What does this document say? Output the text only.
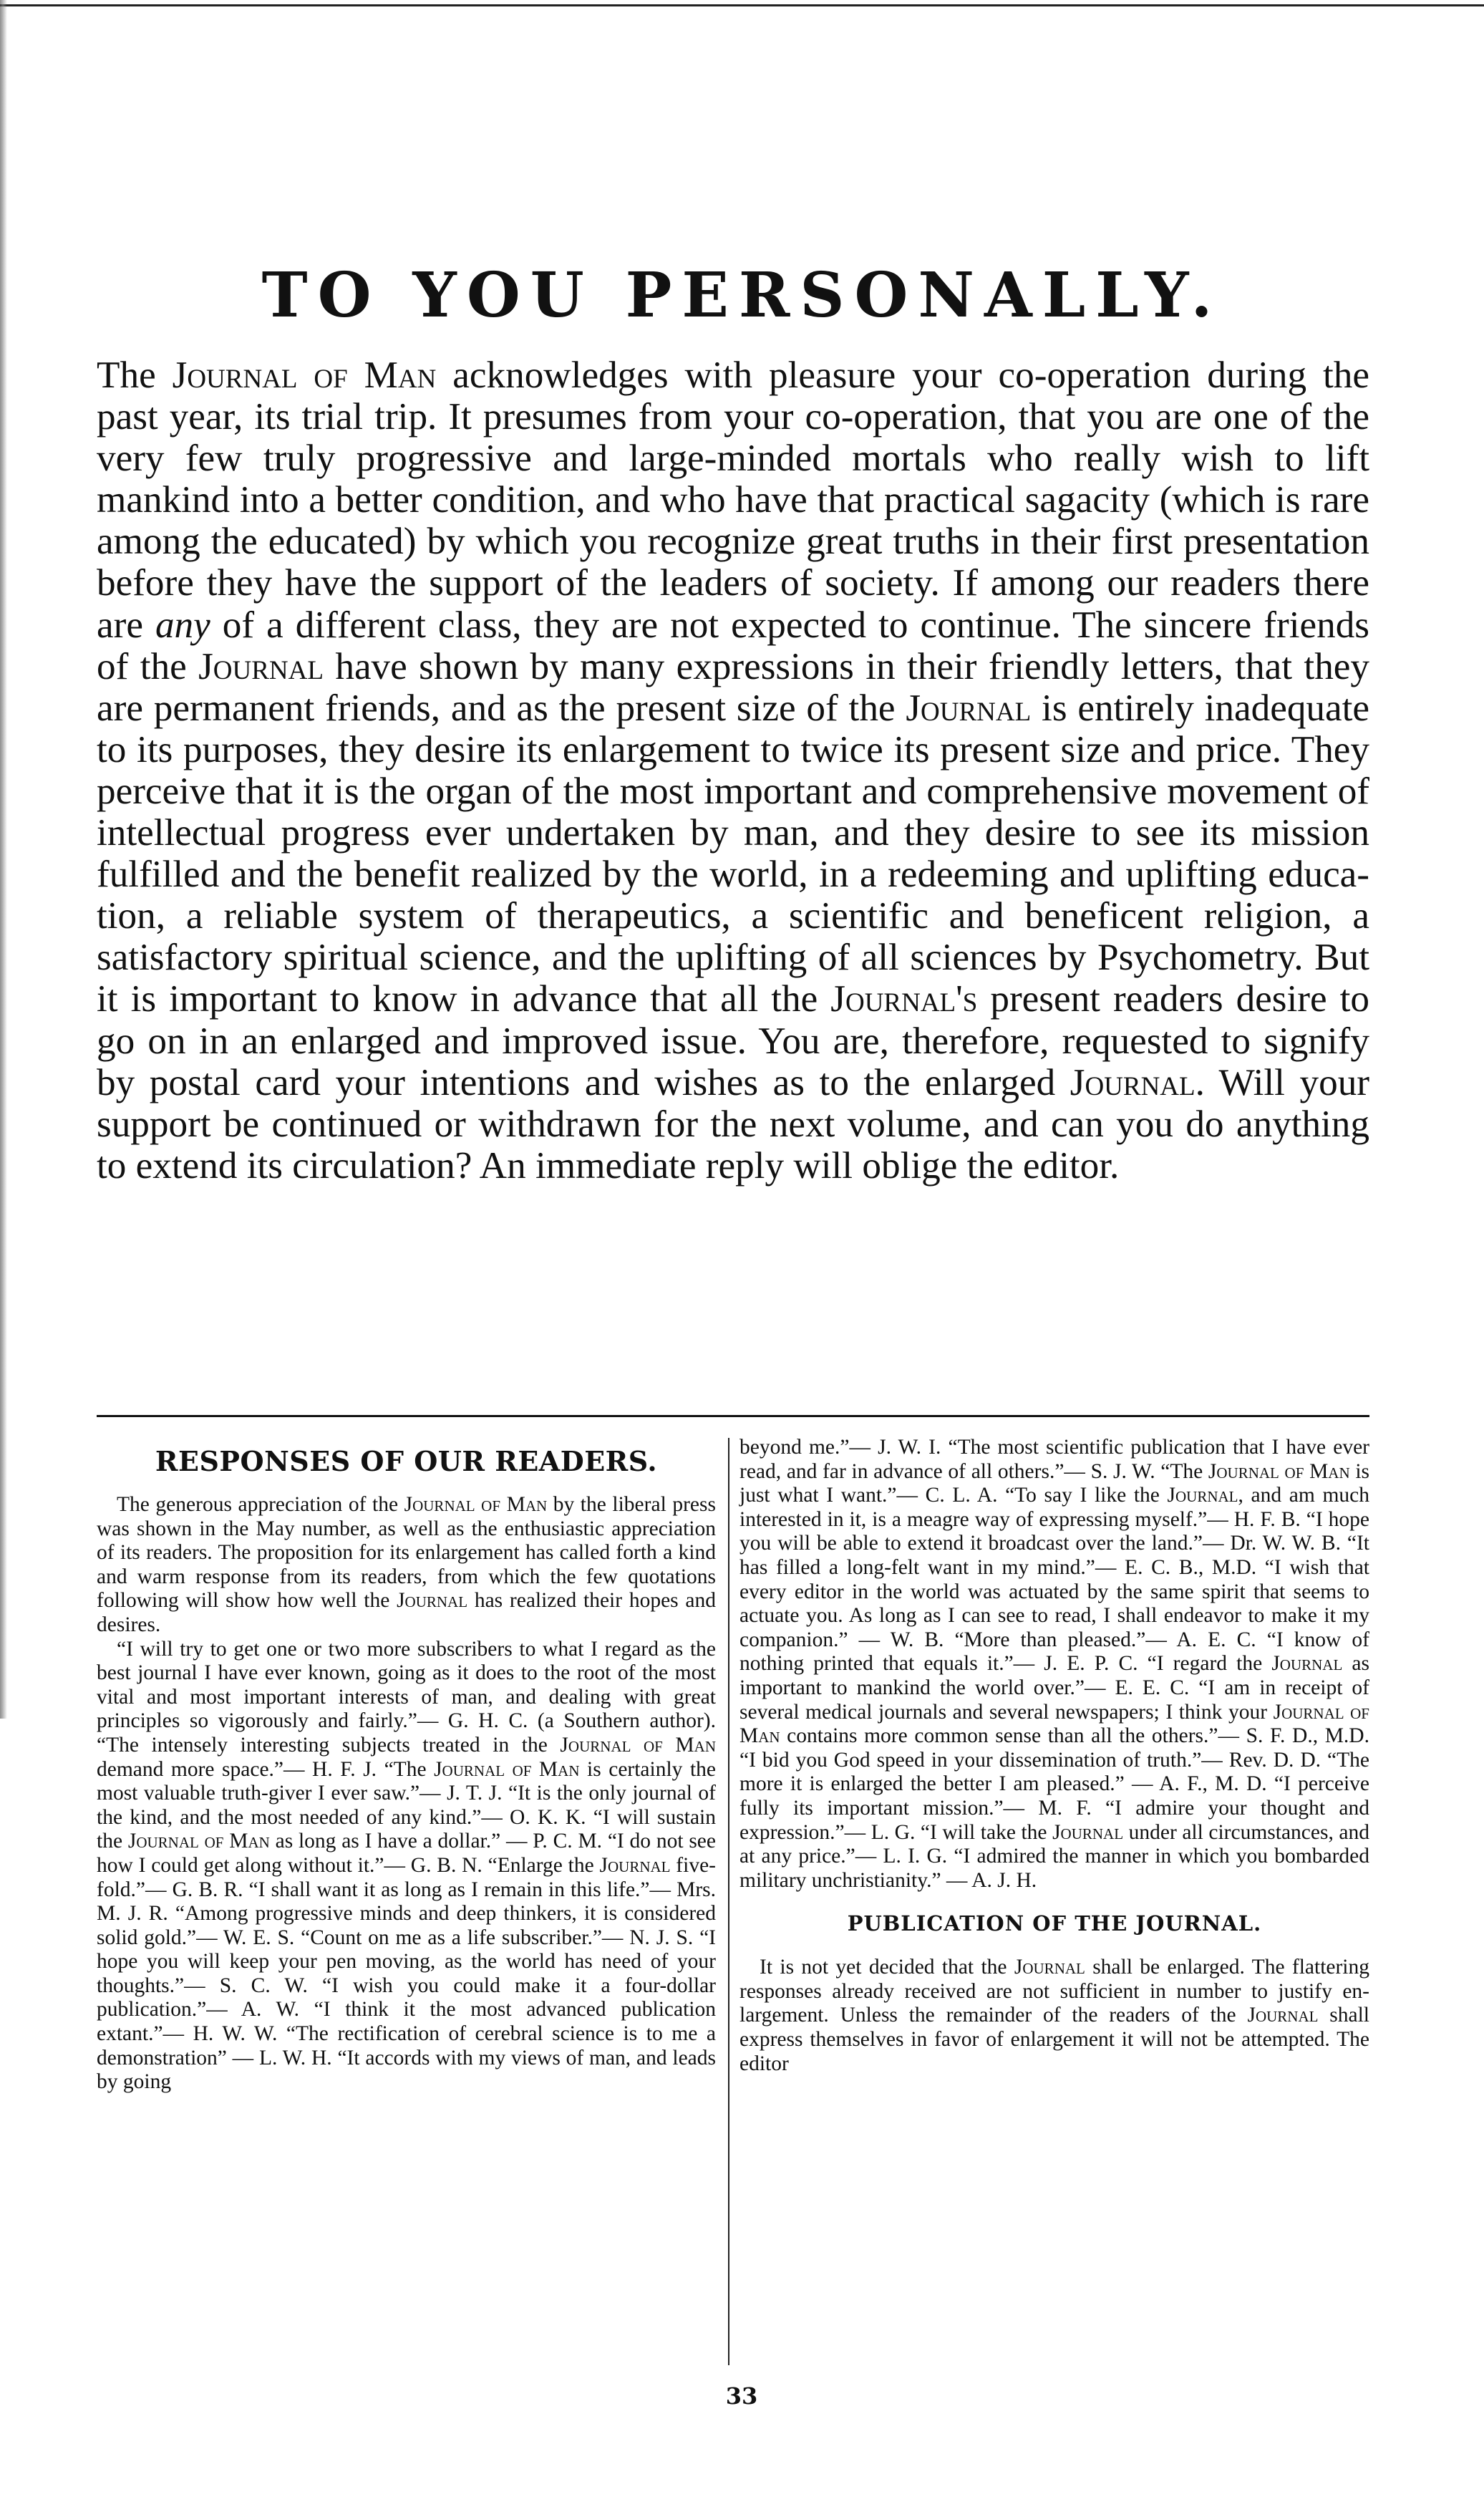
TO YOU PERSONALLY.

The Journal of Man acknowledges with pleasure your co-operation during the past year, its trial trip. It presumes from your co-operation, that you are one of the very few truly progressive and large-minded mortals who really wish to lift mankind into a better condition, and who have that practical sagacity (which is rare among the educated) by which you recognize great truths in their first presentation before they have the support of the leaders of society. If among our readers there are any of a different class, they are not expected to continue. The sincere friends of the Journal have shown by many expressions in their friendly letters, that they are permanent friends, and as the present size of the Journal is entirely inadequate to its purposes, they desire its enlargement to twice its present size and price. They perceive that it is the organ of the most important and comprehensive movement of intellectual progress ever undertaken by man, and they desire to see its mission fulfilled and the benefit realized by the world, in a redeeming and uplifting education, a reliable system of therapeutics, a scientific and beneficent religion, a satisfactory spiritual science, and the uplifting of all sciences by Psychometry. But it is important to know in advance that all the Journal's present readers desire to go on in an enlarged and improved issue. You are, therefore, requested to signify by postal card your intentions and wishes as to the enlarged Journal. Will your support be continued or withdrawn for the next volume, and can you do anything to extend its circulation? An immediate reply will oblige the editor.

RESPONSES OF OUR READERS.

The generous appreciation of the Journal of Man by the liberal press was shown in the May number, as well as the enthusiastic appreciation of its readers. The proposition for its enlargement has called forth a kind and warm response from its readers, from which the few quotations following will show how well the Journal has realized their hopes and desires.

“I will try to get one or two more subscribers to what I regard as the best journal I have ever known, going as it does to the root of the most vital and most important interests of man, and dealing with great principles so vigorously and fairly.”— G. H. C. (a Southern author). “The intensely interesting subjects treated in the Journal of Man demand more space.”— H. F. J. “The Journal of Man is certainly the most valuable truth-giver I ever saw.”— J. T. J. “It is the only journal of the kind, and the most needed of any kind.”— O. K. K. “I will sustain the Journal of Man as long as I have a dollar.” — P. C. M. “I do not see how I could get along without it.”— G. B. N. “Enlarge the Journal five-fold.”— G. B. R. “I shall want it as long as I remain in this life.”— Mrs. M. J. R. “Among progressive minds and deep thinkers, it is considered solid gold.”— W. E. S. “Count on me as a life subscriber.”— N. J. S. “I hope you will keep your pen moving, as the world has need of your thoughts.”— S. C. W. “I wish you could make it a four-dollar publication.”— A. W. “I think it the most advanced publication extant.”— H. W. W. “The rectification of cerebral science is to me a demonstration” — L. W. H. “It accords with my views of man, and leads by going

beyond me.”— J. W. I. “The most scientific publication that I have ever read, and far in advance of all others.”— S. J. W. “The Journal of Man is just what I want.”— C. L. A. “To say I like the Journal, and am much interested in it, is a meagre way of expressing myself.”— H. F. B. “I hope you will be able to extend it broadcast over the land.”— Dr. W. W. B. “It has filled a long-felt want in my mind.”— E. C. B., M.D. “I wish that every editor in the world was actuated by the same spirit that seems to actuate you. As long as I can see to read, I shall endeavor to make it my companion.” — W. B. “More than pleased.”— A. E. C. “I know of nothing printed that equals it.”— J. E. P. C. “I regard the Journal as important to mankind the world over.”— E. E. C. “I am in receipt of several medical journals and several newspapers; I think your Journal of Man contains more common sense than all the others.”— S. F. D., M.D. “I bid you God speed in your dissemination of truth.”— Rev. D. D. “The more it is enlarged the better I am pleased.” — A. F., M. D. “I perceive fully its important mission.”— M. F. “I admire your thought and expression.”— L. G. “I will take the Journal under all circumstances, and at any price.”— L. I. G. “I admired the manner in which you bombarded military unchristianity.” — A. J. H.

PUBLICATION OF THE JOURNAL.

It is not yet decided that the Journal shall be enlarged. The flattering responses already received are not sufficient in number to justify enlargement. Unless the remainder of the readers of the Journal shall express themselves in favor of enlargement it will not be attempted. The editor

33
